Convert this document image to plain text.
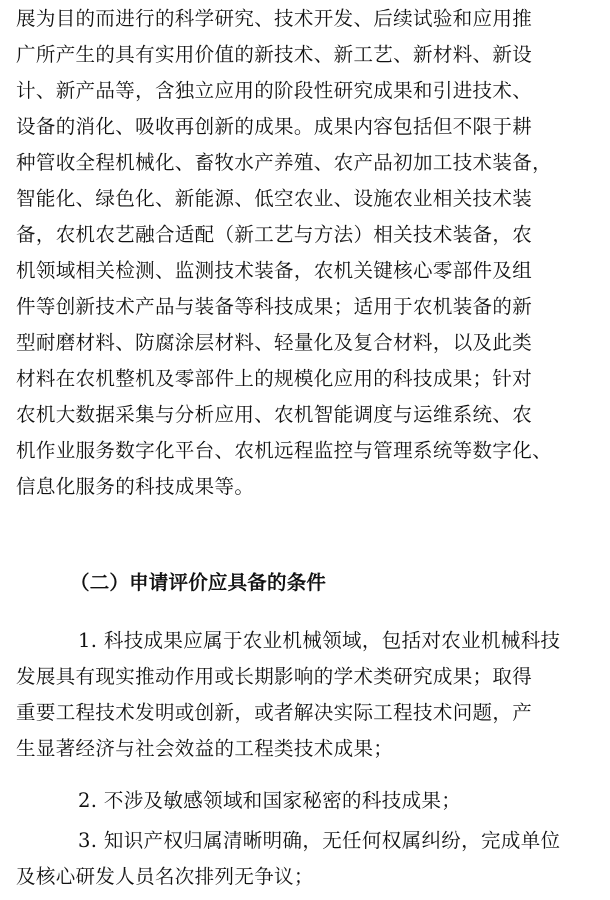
展为目的而进行的科学研究、技术开发、后续试验和应用推
广所产生的具有实用价值的新技术、新工艺、新材料、新设
计、新产品等，含独立应用的阶段性研究成果和引进技术、
设备的消化、吸收再创新的成果。成果内容包括但不限于耕
种管收全程机械化、畜牧水产养殖、农产品初加工技术装备，
智能化、绿色化、新能源、低空农业、设施农业相关技术装
备，农机农艺融合适配（新工艺与方法）相关技术装备，农
机领域相关检测、监测技术装备，农机关键核心零部件及组
件等创新技术产品与装备等科技成果；适用于农机装备的新
型耐磨材料、防腐涂层材料、轻量化及复合材料，以及此类
材料在农机整机及零部件上的规模化应用的科技成果；针对
农机大数据采集与分析应用、农机智能调度与运维系统、农
机作业服务数字化平台、农机远程监控与管理系统等数字化、
信息化服务的科技成果等。
（二）申请评价应具备的条件
1. 科技成果应属于农业机械领域，包括对农业机械科技
发展具有现实推动作用或长期影响的学术类研究成果；取得
重要工程技术发明或创新，或者解决实际工程技术问题，产
生显著经济与社会效益的工程类技术成果；
2. 不涉及敏感领域和国家秘密的科技成果；
3. 知识产权归属清晰明确，无任何权属纠纷，完成单位
及核心研发人员名次排列无争议；
